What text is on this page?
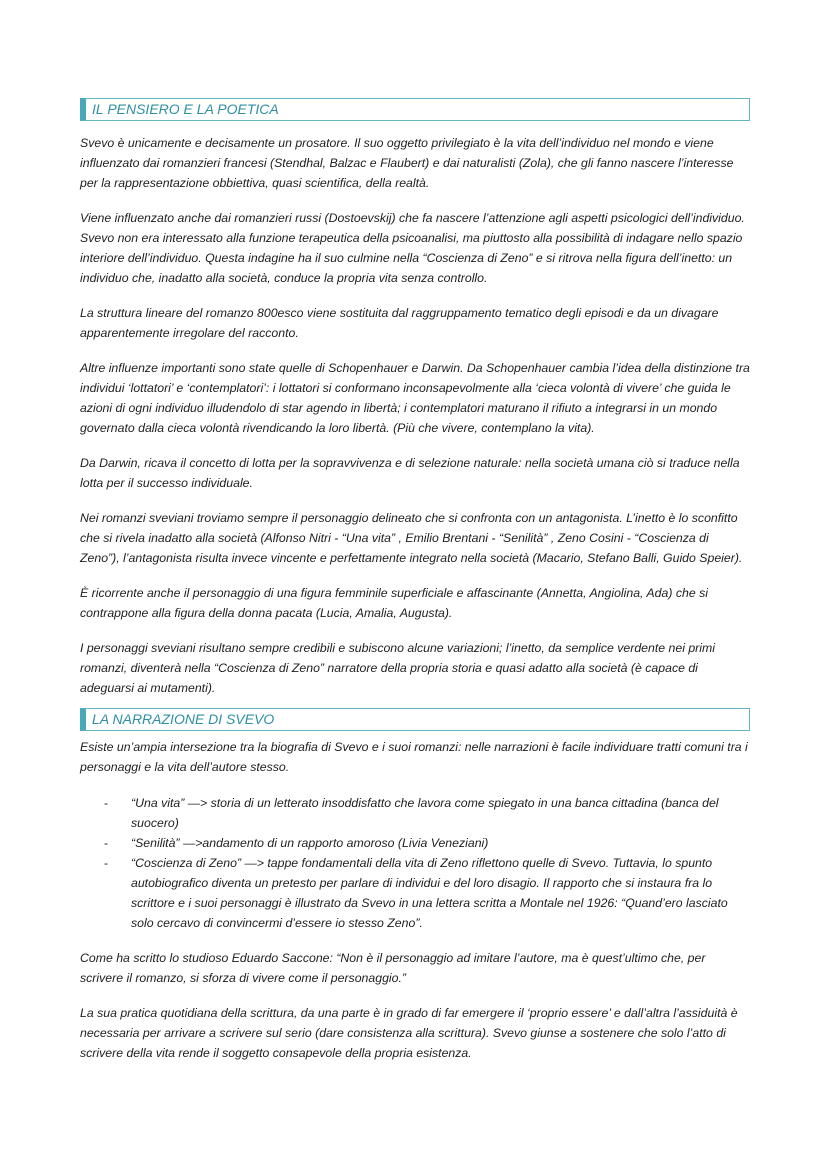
IL PENSIERO E LA POETICA

Svevo è unicamente e decisamente un prosatore. Il suo oggetto privilegiato è la vita dell’individuo nel mondo e viene influenzato dai romanzieri francesi (Stendhal, Balzac e Flaubert) e dai naturalisti (Zola), che gli fanno nascere l’interesse per la rappresentazione obbiettiva, quasi scientifica, della realtà.

Viene influenzato anche dai romanzieri russi (Dostoevskij) che fa nascere l’attenzione agli aspetti psicologici dell’individuo. Svevo non era interessato alla funzione terapeutica della psicoanalisi, ma piuttosto alla possibilità di indagare nello spazio interiore dell’individuo. Questa indagine ha il suo culmine nella “Coscienza di Zeno” e si ritrova nella figura dell’inetto: un individuo che, inadatto alla società, conduce la propria vita senza controllo.

La struttura lineare del romanzo 800esco viene sostituita dal raggruppamento tematico degli episodi e da un divagare apparentemente irregolare del racconto.

Altre influenze importanti sono state quelle di Schopenhauer e Darwin. Da Schopenhauer cambia l’idea della distinzione tra individui ‘lottatori’ e ‘contemplatori’: i lottatori si conformano inconsapevolmente alla ‘cieca volontà di vivere’ che guida le azioni di ogni individuo illudendolo di star agendo in libertà; i contemplatori maturano il rifiuto a integrarsi in un mondo governato dalla cieca volontà rivendicando la loro libertà. (Più che vivere, contemplano la vita).

Da Darwin, ricava il concetto di lotta per la sopravvivenza e di selezione naturale: nella società umana ciò si traduce nella lotta per il successo individuale.

Nei romanzi sveviani troviamo sempre il personaggio delineato che si confronta con un antagonista. L’inetto è lo sconfitto che si rivela inadatto alla società (Alfonso Nitri - “Una vita” , Emilio Brentani - “Senilità” , Zeno Cosini - “Coscienza di Zeno”), l’antagonista risulta invece vincente e perfettamente integrato nella società (Macario, Stefano Balli, Guido Speier).

È ricorrente anche il personaggio di una figura femminile superficiale e affascinante (Annetta, Angiolina, Ada) che si contrappone alla figura della donna pacata (Lucia, Amalia, Augusta).

I personaggi sveviani risultano sempre credibili e subiscono alcune variazioni; l’inetto, da semplice verdente nei primi romanzi, diventerà nella “Coscienza di Zeno” narratore della propria storia e quasi adatto alla società (è capace di adeguarsi ai mutamenti).

LA NARRAZIONE DI SVEVO

Esiste un’ampia intersezione tra la biografia di Svevo e i suoi romanzi: nelle narrazioni è facile individuare tratti comuni tra i personaggi e la vita dell’autore stesso.

- “Una vita” —> storia di un letterato insoddisfatto che lavora come spiegato in una banca cittadina (banca del suocero)
- “Senilità” —>andamento di un rapporto amoroso (Livia Veneziani)
- “Coscienza di Zeno” —> tappe fondamentali della vita di Zeno riflettono quelle di Svevo. Tuttavia, lo spunto autobiografico diventa un pretesto per parlare di individui e del loro disagio. Il rapporto che si instaura fra lo scrittore e i suoi personaggi è illustrato da Svevo in una lettera scritta a Montale nel 1926: “Quand’ero lasciato solo cercavo di convincermi d’essere io stesso Zeno”.

Come ha scritto lo studioso Eduardo Saccone: “Non è il personaggio ad imitare l’autore, ma è quest’ultimo che, per scrivere il romanzo, si sforza di vivere come il personaggio.”

La sua pratica quotidiana della scrittura, da una parte è in grado di far emergere il ‘proprio essere’ e dall’altra l’assiduità è necessaria per arrivare a scrivere sul serio (dare consistenza alla scrittura). Svevo giunse a sostenere che solo l’atto di scrivere della vita rende il soggetto consapevole della propria esistenza.
